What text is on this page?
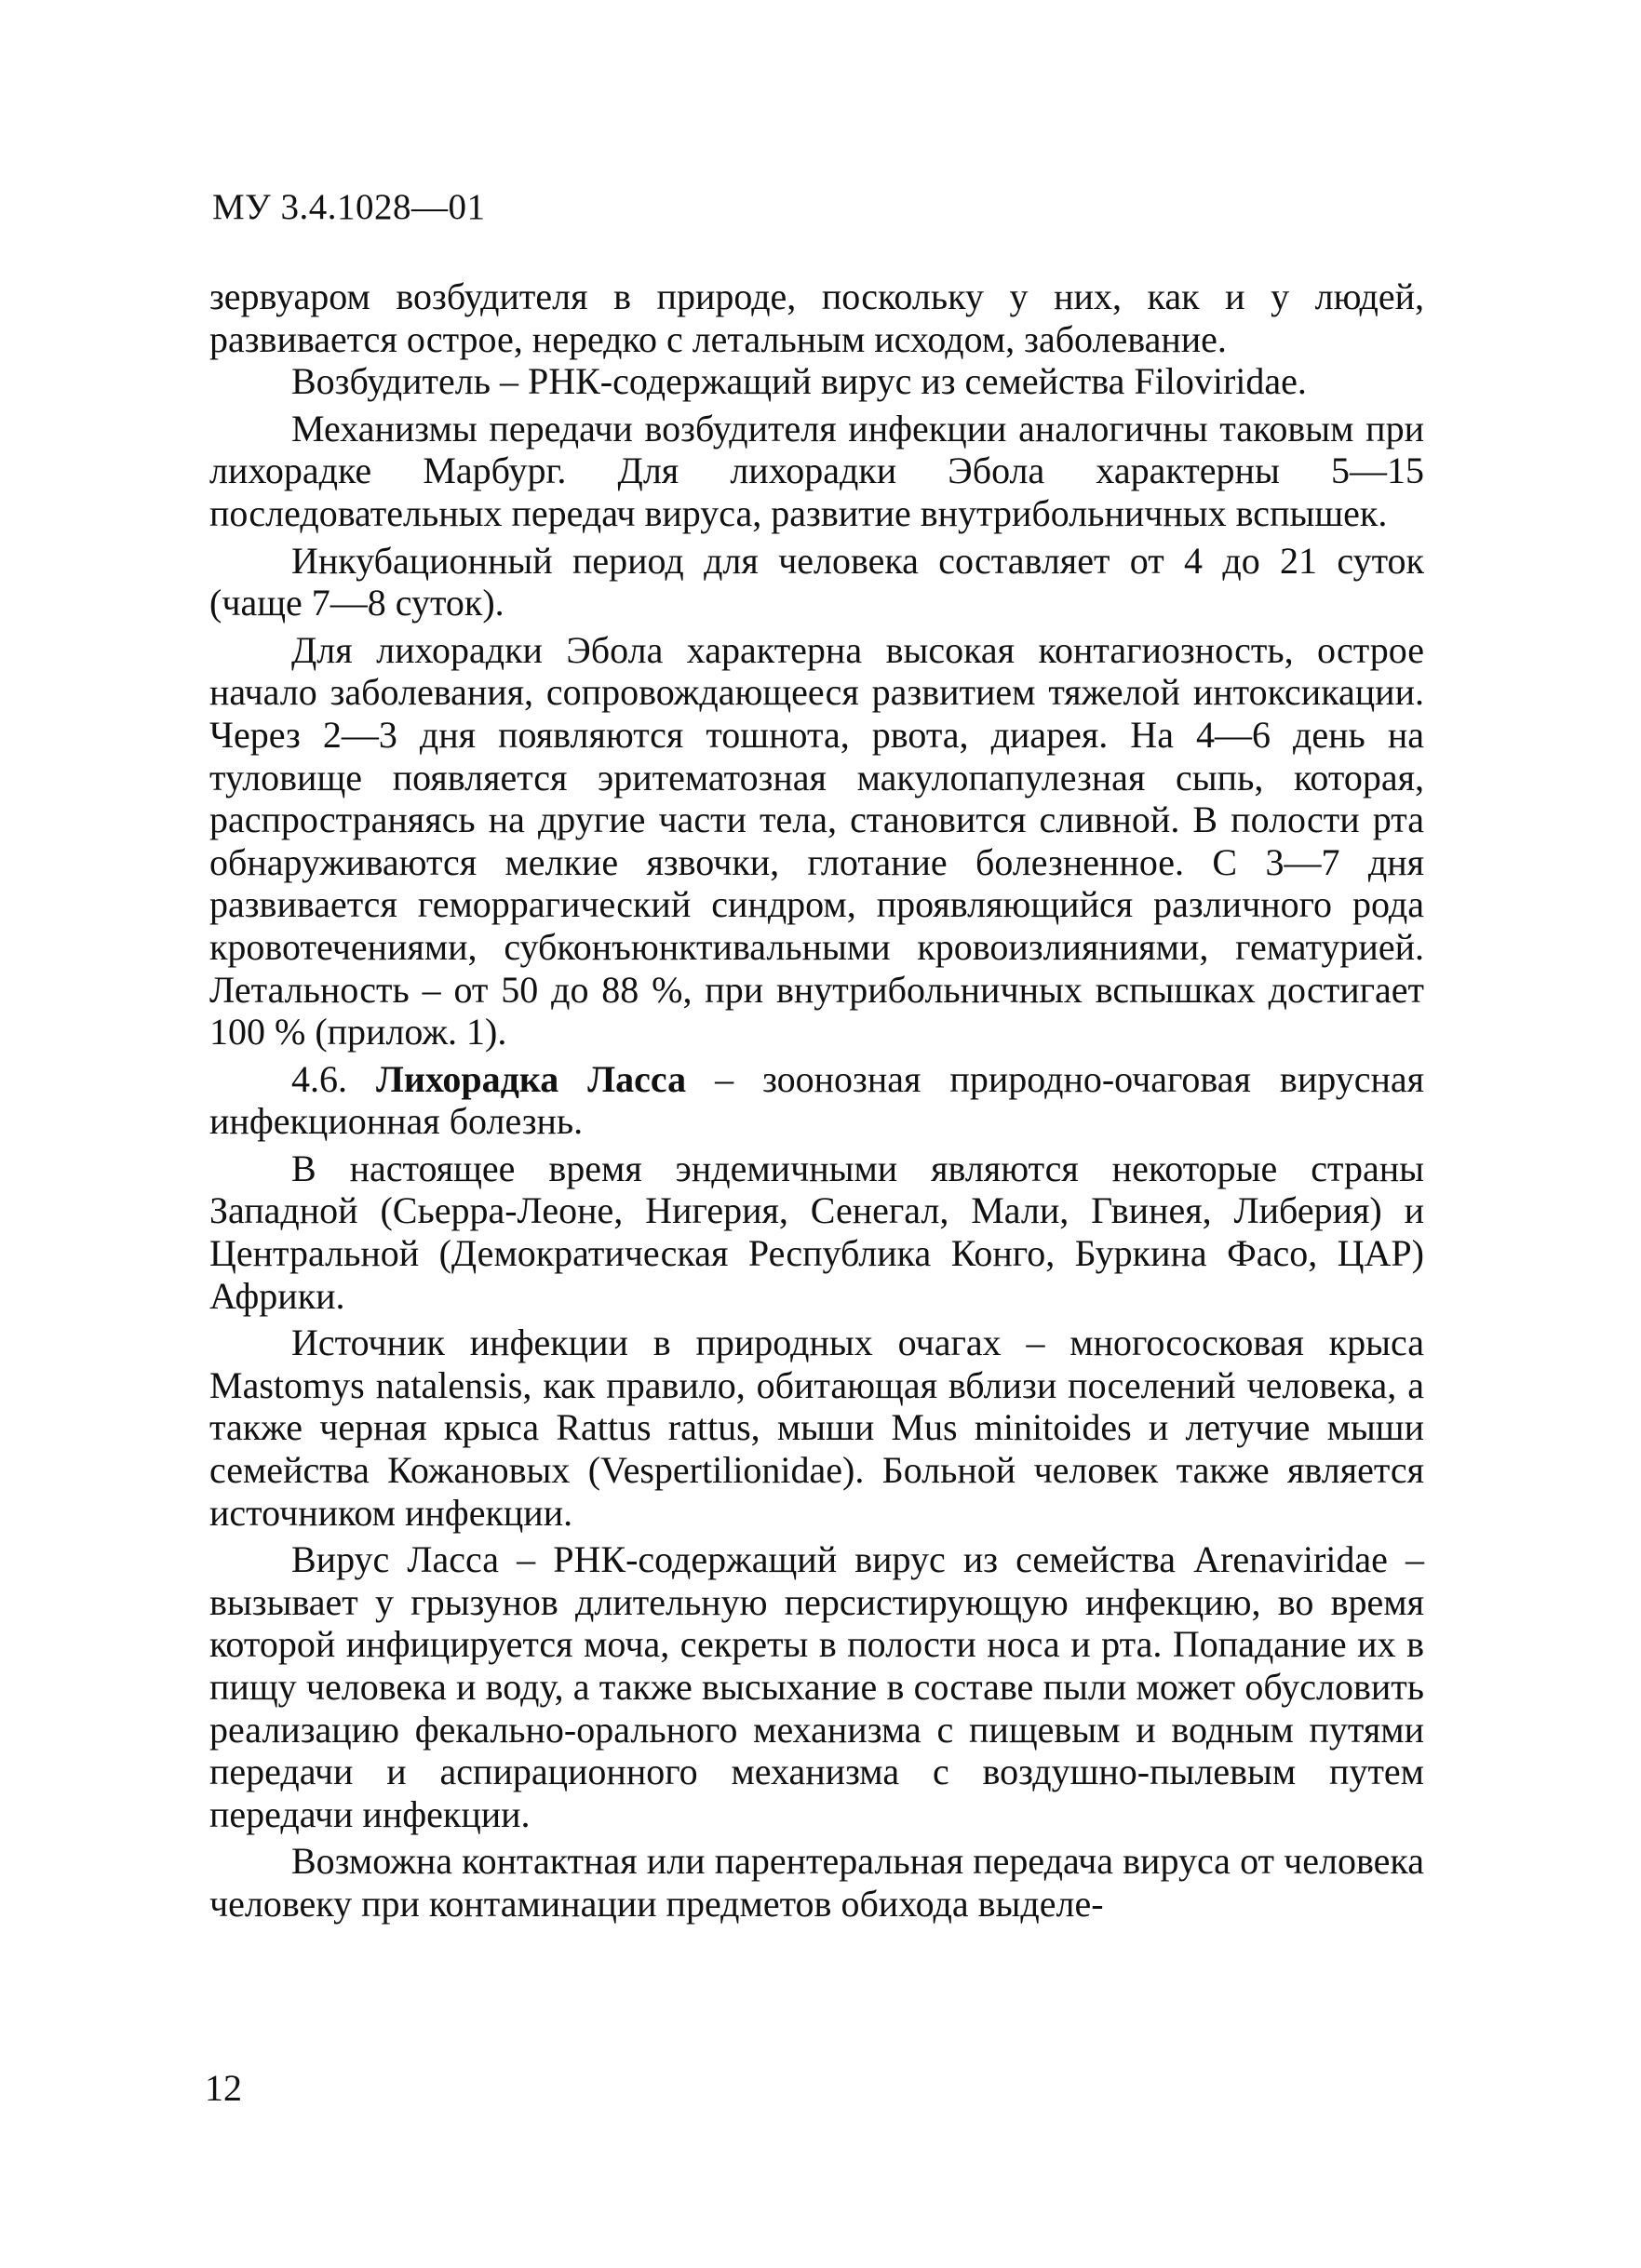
МУ 3.4.1028—01

зервуаром возбудителя в природе, поскольку у них, как и у людей, развивается острое, нередко с летальным исходом, заболевание.

Возбудитель – РНК-содержащий вирус из семейства Filoviridae.

Механизмы передачи возбудителя инфекции аналогичны таковым при лихорадке Марбург. Для лихорадки Эбола характерны 5—15 последовательных передач вируса, развитие внутрибольничных вспышек.

Инкубационный период для человека составляет от 4 до 21 суток (чаще 7—8 суток).

Для лихорадки Эбола характерна высокая контагиозность, острое начало заболевания, сопровождающееся развитием тяжелой интоксикации. Через 2—3 дня появляются тошнота, рвота, диарея. На 4—6 день на туловище появляется эритематозная макулопапулезная сыпь, которая, распространяясь на другие части тела, становится сливной. В полости рта обнаруживаются мелкие язвочки, глотание болезненное. С 3—7 дня развивается геморрагический синдром, проявляющийся различного рода кровотечениями, субконъюнктивальными кровоизлияниями, гематурией. Летальность – от 50 до 88 %, при внутрибольничных вспышках достигает 100 % (прилож. 1).

4.6. Лихорадка Ласса – зоонозная природно-очаговая вирусная инфекционная болезнь.

В настоящее время эндемичными являются некоторые страны Западной (Сьерра-Леоне, Нигерия, Сенегал, Мали, Гвинея, Либерия) и Центральной (Демократическая Республика Конго, Буркина Фасо, ЦАР) Африки.

Источник инфекции в природных очагах – многососковая крыса Mastomys natalensis, как правило, обитающая вблизи поселений человека, а также черная крыса Rattus rattus, мыши Mus minitoides и летучие мыши семейства Кожановых (Vespertilionidae). Больной человек также является источником инфекции.

Вирус Ласса – РНК-содержащий вирус из семейства Arenaviridae – вызывает у грызунов длительную персистирующую инфекцию, во время которой инфицируется моча, секреты в полости носа и рта. Попадание их в пищу человека и воду, а также высыхание в составе пыли может обусловить реализацию фекально-орального механизма с пищевым и водным путями передачи и аспирационного механизма с воздушно-пылевым путем передачи инфекции.

Возможна контактная или парентеральная передача вируса от человека человеку при контаминации предметов обихода выделе-

12
